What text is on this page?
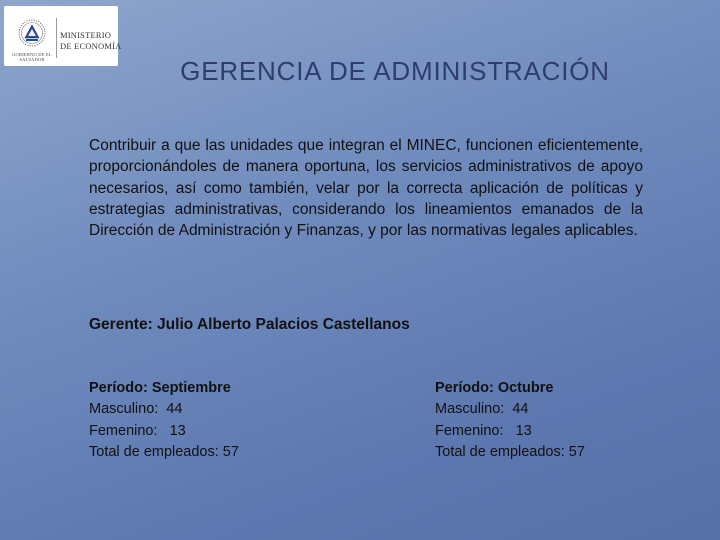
GOBIERNO DE EL SALVADOR
MINISTERIO
DE ECONOMÍA
GERENCIA DE ADMINISTRACIÓN

Contribuir a que las unidades que integran el MINEC, funcionen eficientemente, proporcionándoles de manera oportuna, los servicios administrativos de apoyo necesarios, así como también, velar por la correcta aplicación de políticas y estrategias administrativas, considerando los lineamientos emanados de la Dirección de Administración y Finanzas, y por las normativas legales aplicables.

Gerente: Julio Alberto Palacios Castellanos
Período: Septiembre
Masculino:  44
Femenino:   13
Total de empleados: 57
Período: Octubre
Masculino:  44
Femenino:   13
Total de empleados: 57
